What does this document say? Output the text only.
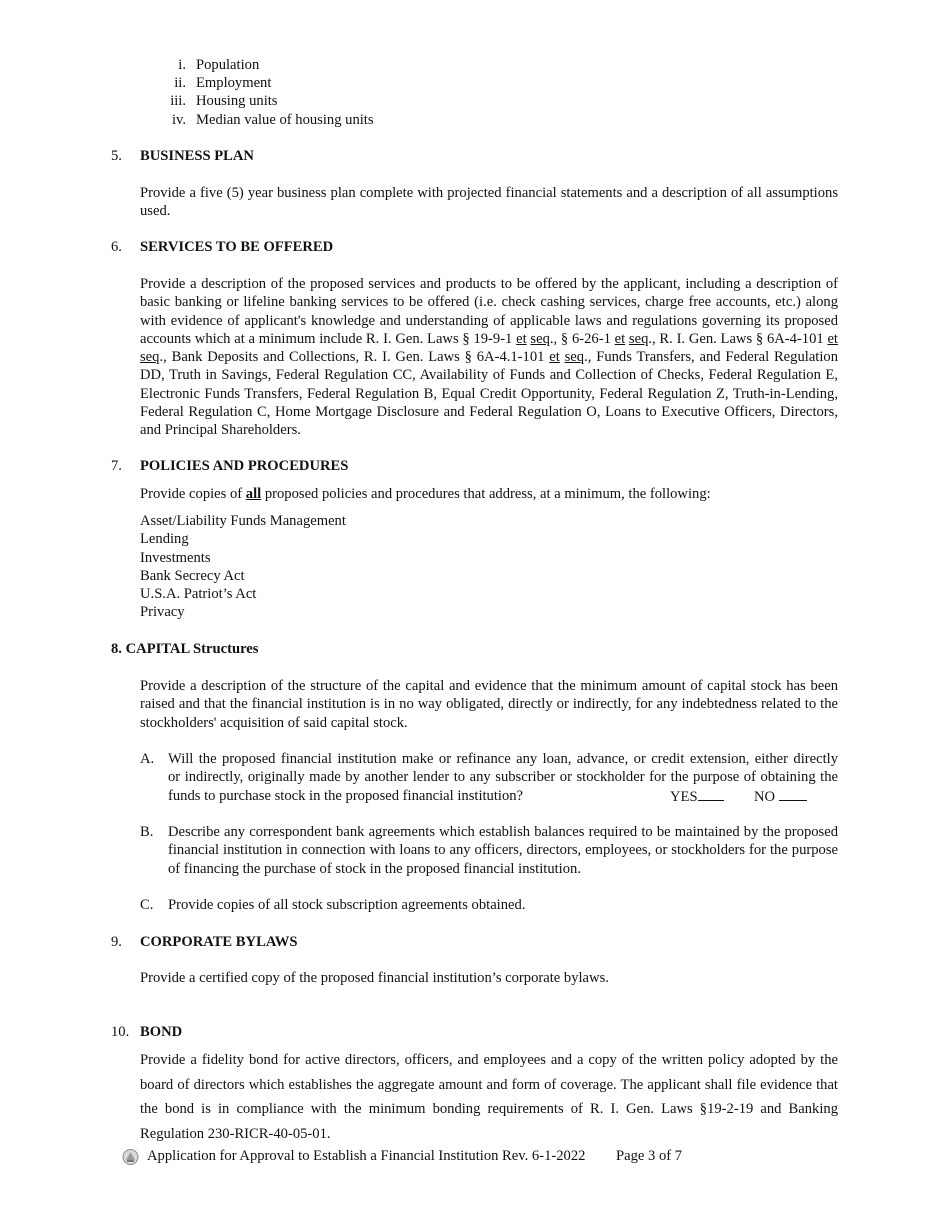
i. Population
ii. Employment
iii. Housing units
iv. Median value of housing units
5. BUSINESS PLAN
Provide a five (5) year business plan complete with projected financial statements and a description of all assumptions used.
6. SERVICES TO BE OFFERED
Provide a description of the proposed services and products to be offered by the applicant, including a description of basic banking or lifeline banking services to be offered (i.e. check cashing services, charge free accounts, etc.) along with evidence of applicant's knowledge and understanding of applicable laws and regulations governing its proposed accounts which at a minimum include R. I. Gen. Laws § 19-9-1 et seq., § 6-26-1 et seq., R. I. Gen. Laws § 6A-4-101 et seq., Bank Deposits and Collections, R. I. Gen. Laws § 6A-4.1-101 et seq., Funds Transfers, and Federal Regulation DD, Truth in Savings, Federal Regulation CC, Availability of Funds and Collection of Checks, Federal Regulation E, Electronic Funds Transfers, Federal Regulation B, Equal Credit Opportunity, Federal Regulation Z, Truth-in-Lending, Federal Regulation C, Home Mortgage Disclosure and Federal Regulation O, Loans to Executive Officers, Directors, and Principal Shareholders.
7. POLICIES AND PROCEDURES
Provide copies of all proposed policies and procedures that address, at a minimum, the following:
Asset/Liability Funds Management
Lending
Investments
Bank Secrecy Act
U.S.A. Patriot’s Act
Privacy
8. CAPITAL Structures
Provide a description of the structure of the capital and evidence that the minimum amount of capital stock has been raised and that the financial institution is in no way obligated, directly or indirectly, for any indebtedness related to the stockholders' acquisition of said capital stock.
A. Will the proposed financial institution make or refinance any loan, advance, or credit extension, either directly
or indirectly, originally made by another lender to any subscriber or stockholder for the purpose of obtaining the
funds to purchase stock in the proposed financial institution?	YES	NO
B. Describe any correspondent bank agreements which establish balances required to be maintained by the proposed financial institution in connection with loans to any officers, directors, employees, or stockholders for the purpose of financing the purchase of stock in the proposed financial institution.
C. Provide copies of all stock subscription agreements obtained.
9. CORPORATE BYLAWS
Provide a certified copy of the proposed financial institution’s corporate bylaws.
10. BOND
Provide a fidelity bond for active directors, officers, and employees and a copy of the written policy adopted by the board of directors which establishes the aggregate amount and form of coverage. The applicant shall file evidence that the bond is in compliance with the minimum bonding requirements of R. I. Gen. Laws §19-2-19 and Banking Regulation 230-RICR-40-05-01.
Application for Approval to Establish a Financial Institution Rev. 6-1-2022 Page 3 of 7
